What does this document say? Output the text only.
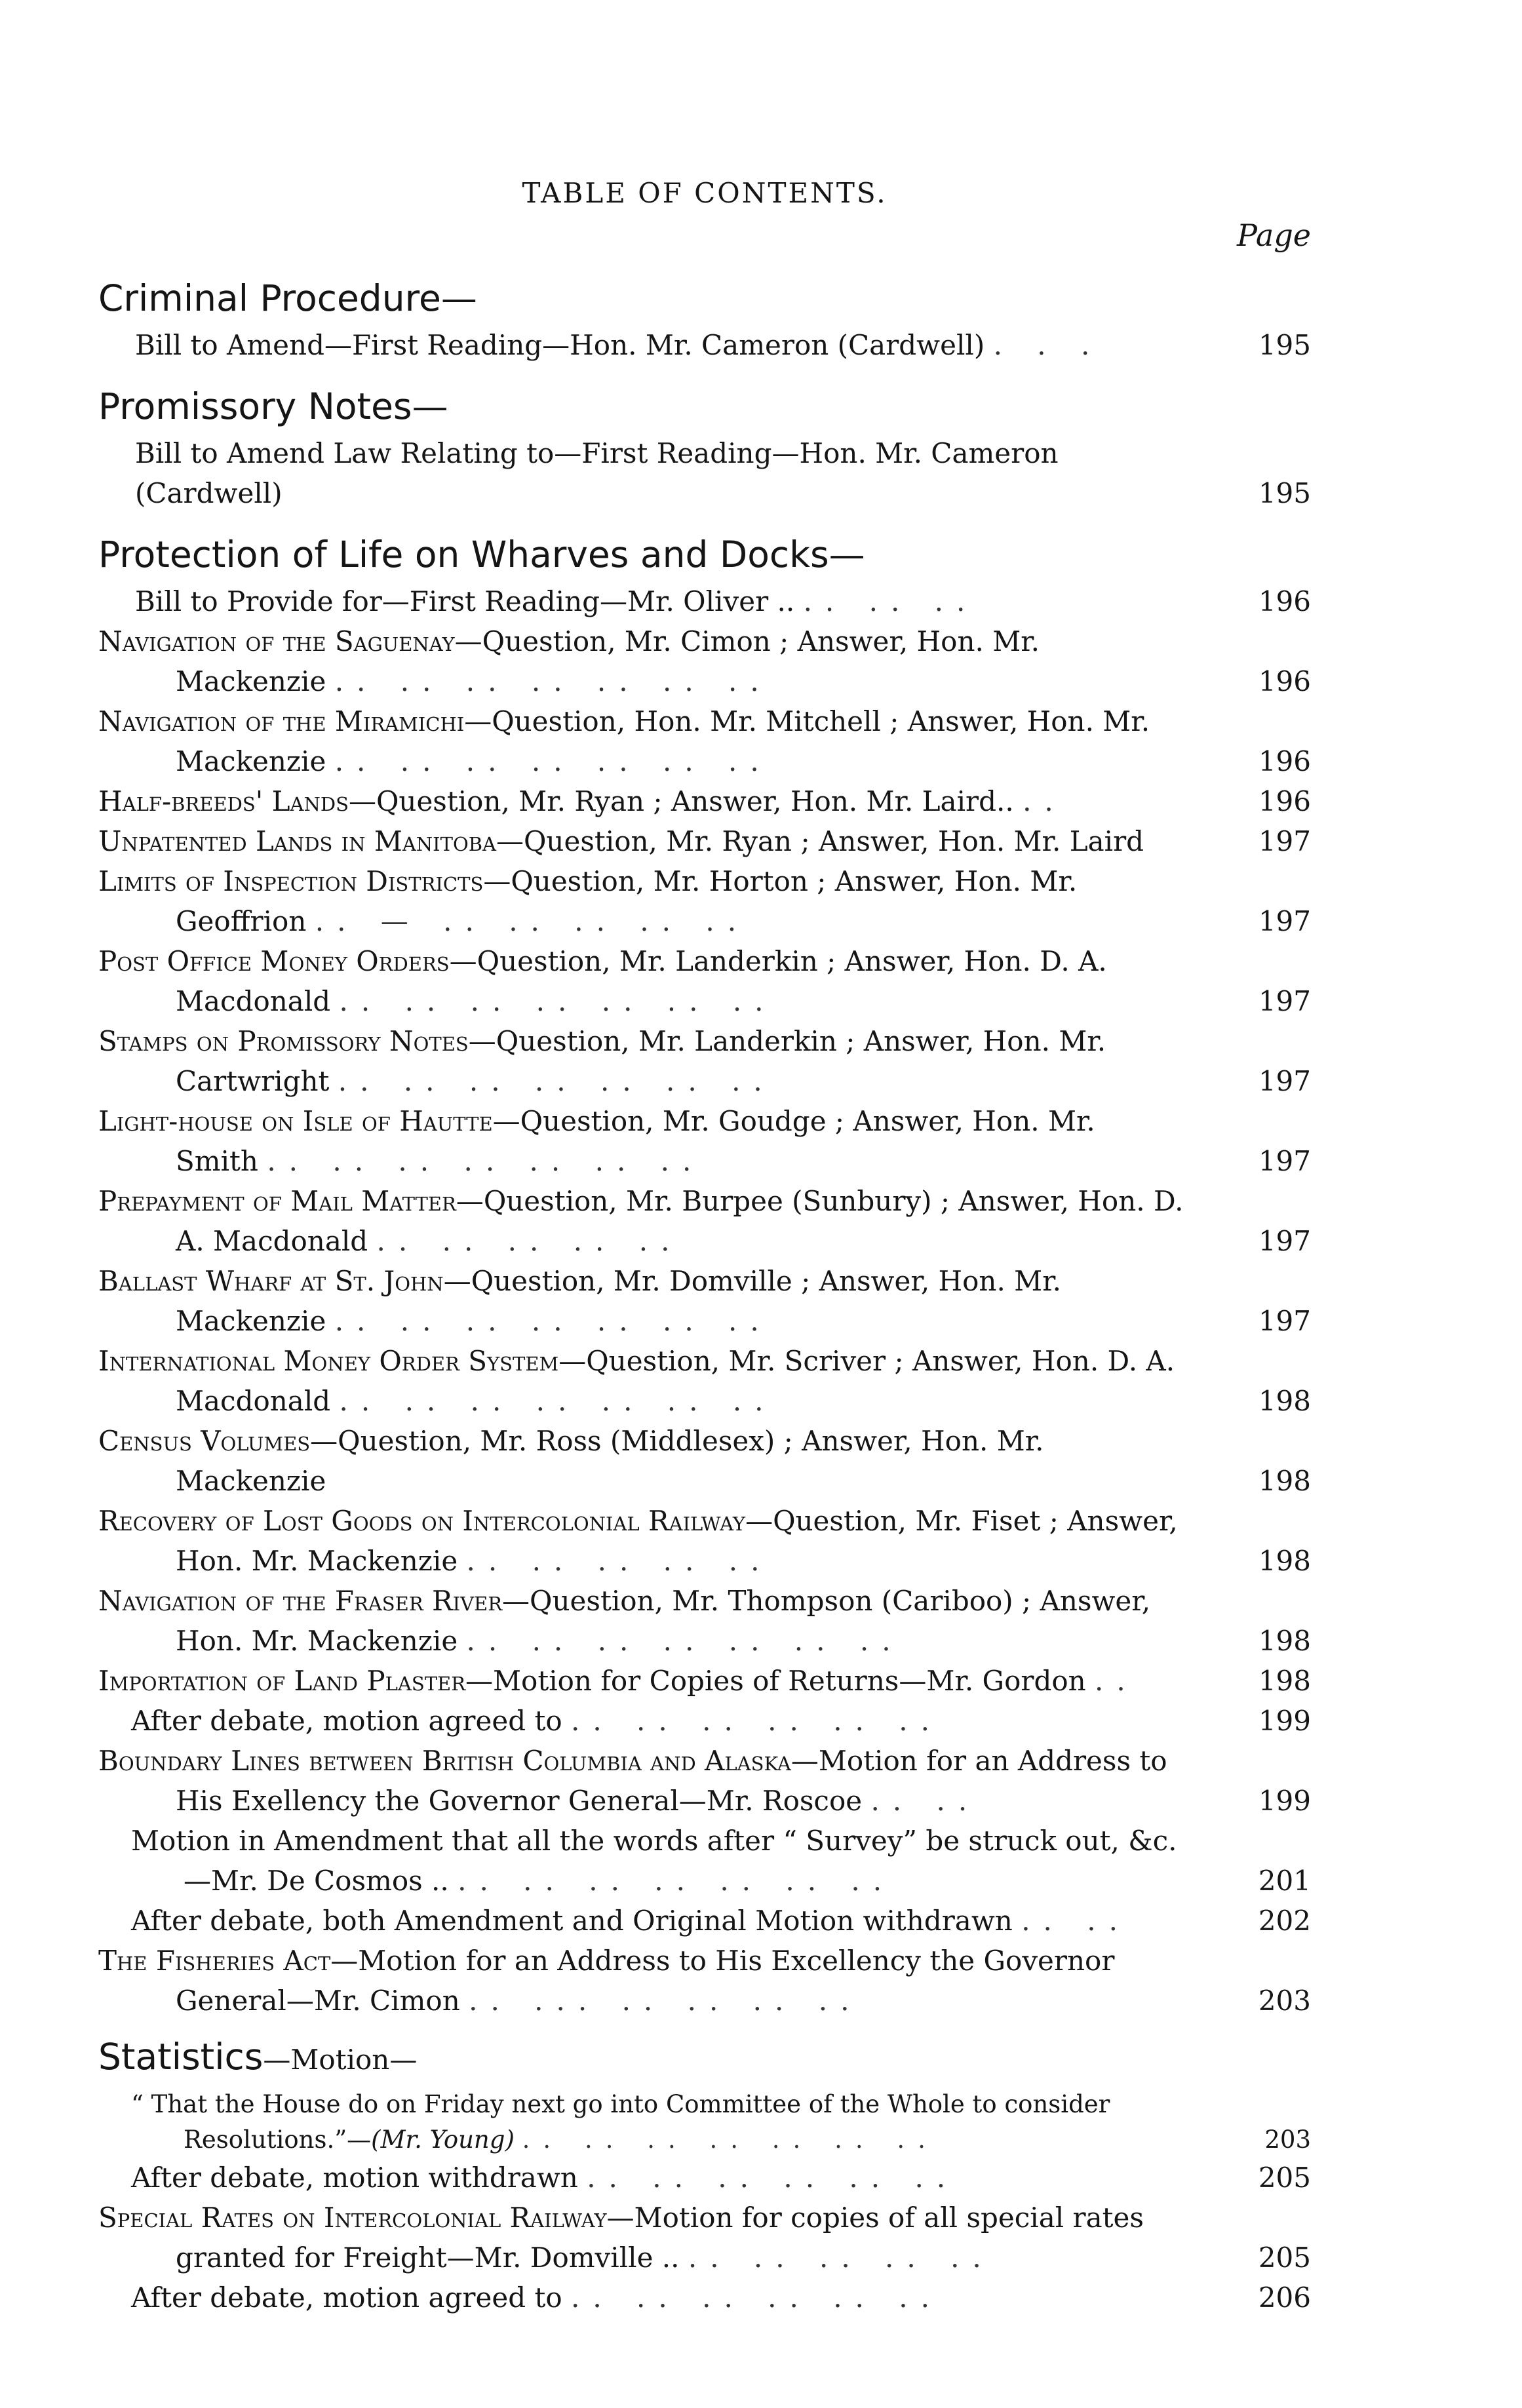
TABLE OF CONTENTS.
Page
Criminal Procedure—
Bill to Amend—First Reading—Hon. Mr. Cameron (Cardwell) . . .	195
Promissory Notes—
Bill to Amend Law Relating to—First Reading—Hon. Mr. Cameron (Cardwell)	195
Protection of Life on Wharves and Docks—
Bill to Provide for—First Reading—Mr. Oliver .. .. .. ..	196
Navigation of the Saguenay—Question, Mr. Cimon ; Answer, Hon. Mr. Mackenzie .. .. .. .. .. .. ..	196
Navigation of the Miramichi—Question, Hon. Mr. Mitchell ; Answer, Hon. Mr. Mackenzie .. .. .. .. .. .. ..	196
Half-breeds' Lands—Question, Mr. Ryan ; Answer, Hon. Mr. Laird.. ..	196
Unpatented Lands in Manitoba—Question, Mr. Ryan ; Answer, Hon. Mr. Laird	197
Limits of Inspection Districts—Question, Mr. Horton ; Answer, Hon. Mr. Geoffrion .. — .. .. .. .. ..	197
Post Office Money Orders—Question, Mr. Landerkin ; Answer, Hon. D. A. Macdonald .. .. .. .. .. .. ..	197
Stamps on Promissory Notes—Question, Mr. Landerkin ; Answer, Hon. Mr. Cartwright .. .. .. .. .. .. ..	197
Light-house on Isle of Hautte—Question, Mr. Goudge ; Answer, Hon. Mr. Smith .. .. .. .. .. .. ..	197
Prepayment of Mail Matter—Question, Mr. Burpee (Sunbury) ; Answer, Hon. D. A. Macdonald .. .. .. .. ..	197
Ballast Wharf at St. John—Question, Mr. Domville ; Answer, Hon. Mr. Mackenzie .. .. .. .. .. .. ..	197
International Money Order System—Question, Mr. Scriver ; Answer, Hon. D. A. Macdonald .. .. .. .. .. .. ..	198
Census Volumes—Question, Mr. Ross (Middlesex) ; Answer, Hon. Mr. Mackenzie	198
Recovery of Lost Goods on Intercolonial Railway—Question, Mr. Fiset ; Answer, Hon. Mr. Mackenzie .. .. .. .. ..	198
Navigation of the Fraser River—Question, Mr. Thompson (Cariboo) ; Answer, Hon. Mr. Mackenzie .. .. .. .. .. .. ..	198
Importation of Land Plaster—Motion for Copies of Returns—Mr. Gordon ..	198
After debate, motion agreed to .. .. .. .. .. ..	199
Boundary Lines between British Columbia and Alaska—Motion for an Address to His Exellency the Governor General—Mr. Roscoe .. ..	199
Motion in Amendment that all the words after “ Survey” be struck out, &c.—Mr. De Cosmos .. .. .. .. .. .. .. ..	201
After debate, both Amendment and Original Motion withdrawn .. ..	202
The Fisheries Act—Motion for an Address to His Excellency the Governor General—Mr. Cimon .. ... .. .. .. ..	203
Statistics—Motion—
“ That the House do on Friday next go into Committee of the Whole to consider Resolutions.”—(Mr. Young) .. .. .. .. .. .. ..	203
After debate, motion withdrawn .. .. .. .. .. ..	205
Special Rates on Intercolonial Railway—Motion for copies of all special rates granted for Freight—Mr. Domville .. .. .. .. .. ..	205
After debate, motion agreed to .. .. .. .. .. ..	206
